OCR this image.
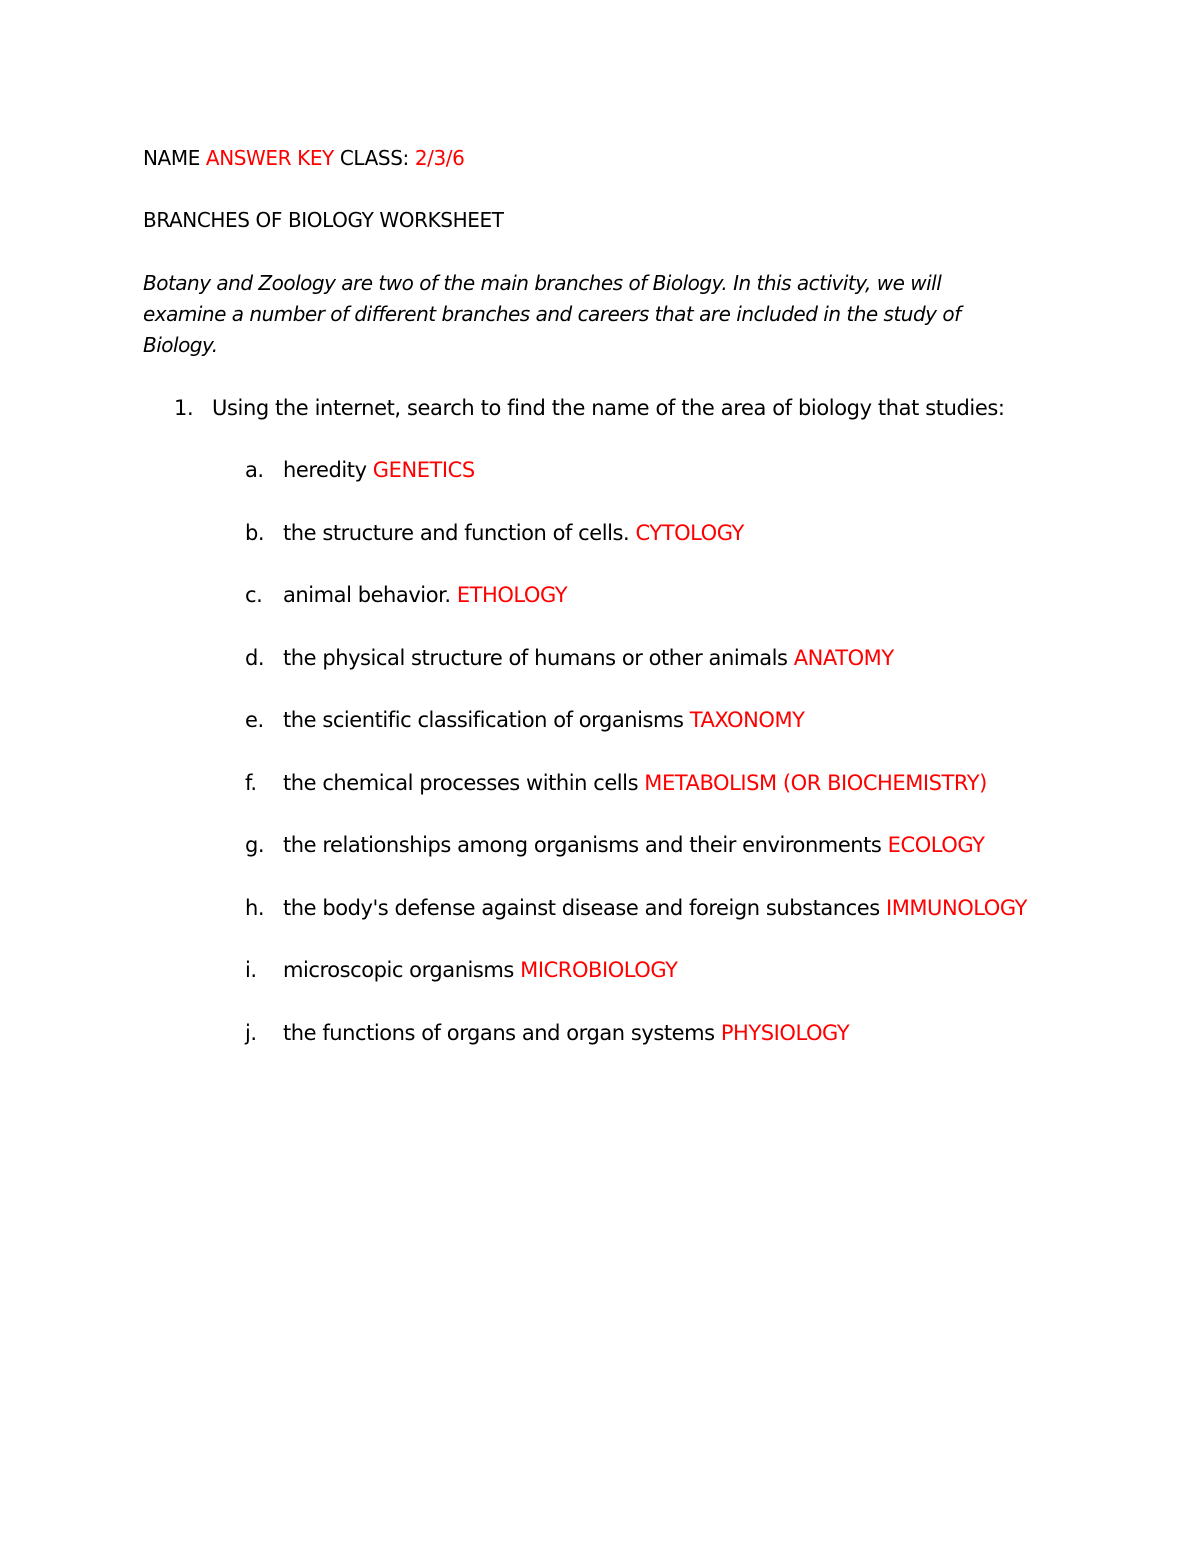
NAME ANSWER KEY CLASS: 2/3/6
BRANCHES OF BIOLOGY WORKSHEET
Botany and Zoology are two of the main branches of Biology. In this activity, we will
examine a number of different branches and careers that are included in the study of
Biology.
1. Using the internet, search to find the name of the area of biology that studies:
a. heredity GENETICS
b. the structure and function of cells. CYTOLOGY
c. animal behavior. ETHOLOGY
d. the physical structure of humans or other animals ANATOMY
e. the scientific classification of organisms TAXONOMY
f. the chemical processes within cells METABOLISM (OR BIOCHEMISTRY)
g. the relationships among organisms and their environments ECOLOGY
h. the body's defense against disease and foreign substances IMMUNOLOGY
i. microscopic organisms MICROBIOLOGY
j. the functions of organs and organ systems PHYSIOLOGY
